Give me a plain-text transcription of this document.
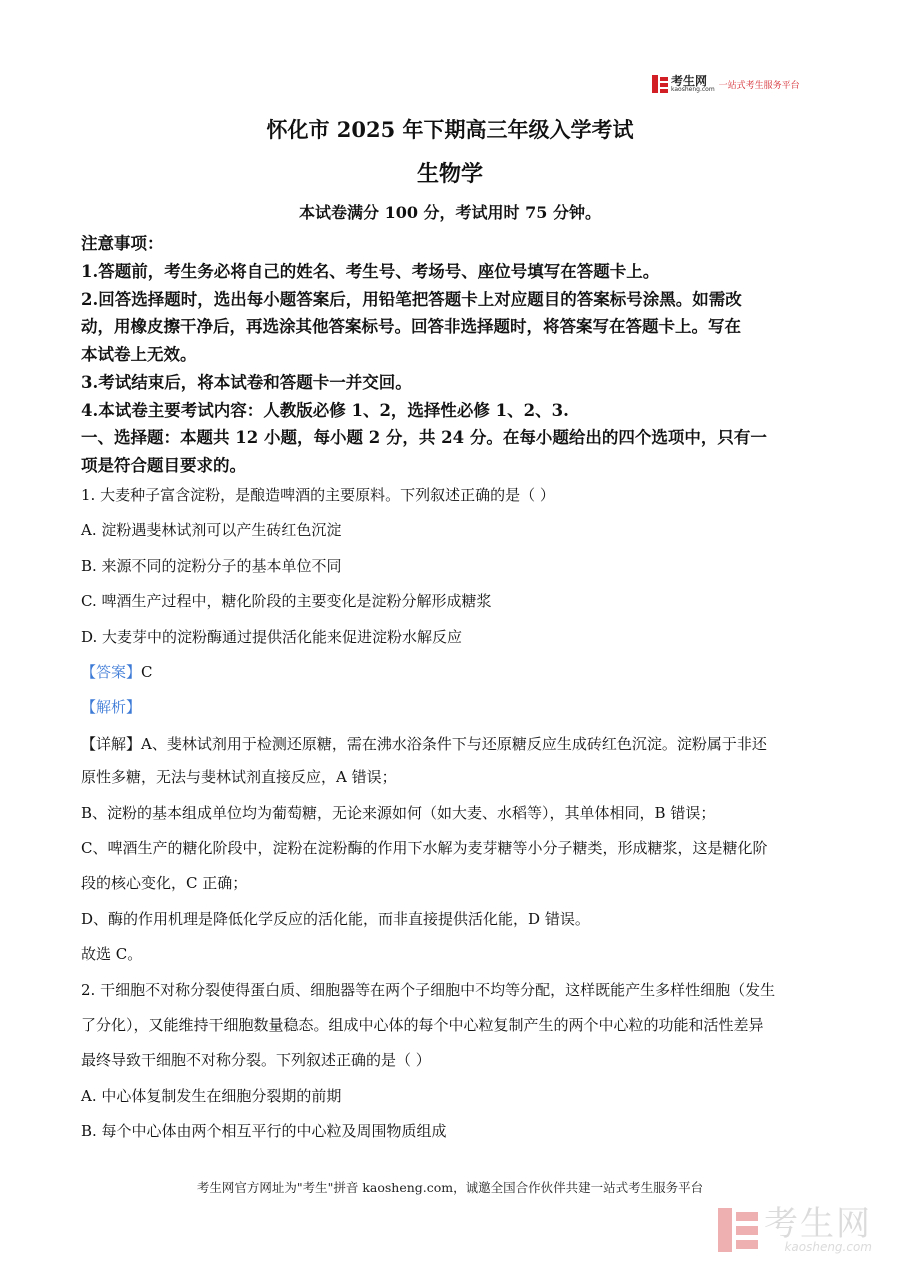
考生网
kaosheng.com 一站式考生服务平台
怀化市 2025 年下期高三年级入学考试
生物学
本试卷满分 100 分，考试用时 75 分钟。
注意事项：
1.答题前，考生务必将自己的姓名、考生号、考场号、座位号填写在答题卡上。
2.回答选择题时，选出每小题答案后，用铅笔把答题卡上对应题目的答案标号涂黑。如需改
动，用橡皮擦干净后，再选涂其他答案标号。回答非选择题时，将答案写在答题卡上。写在
本试卷上无效。
3.考试结束后，将本试卷和答题卡一并交回。
4.本试卷主要考试内容：人教版必修 1、2，选择性必修 1、2、3.
一、选择题：本题共 12 小题，每小题 2 分，共 24 分。在每小题给出的四个选项中，只有一
项是符合题目要求的。
1. 大麦种子富含淀粉，是酿造啤酒的主要原料。下列叙述正确的是（ ）
A. 淀粉遇斐林试剂可以产生砖红色沉淀
B. 来源不同的淀粉分子的基本单位不同
C. 啤酒生产过程中，糖化阶段的主要变化是淀粉分解形成糖浆
D. 大麦芽中的淀粉酶通过提供活化能来促进淀粉水解反应
【答案】C
【解析】
【详解】A、斐林试剂用于检测还原糖，需在沸水浴条件下与还原糖反应生成砖红色沉淀。淀粉属于非还
原性多糖，无法与斐林试剂直接反应，A 错误；
B、淀粉的基本组成单位均为葡萄糖，无论来源如何（如大麦、水稻等），其单体相同，B 错误；
C、啤酒生产的糖化阶段中，淀粉在淀粉酶的作用下水解为麦芽糖等小分子糖类，形成糖浆，这是糖化阶
段的核心变化，C 正确；
D、酶的作用机理是降低化学反应的活化能，而非直接提供活化能，D 错误。
故选 C。
2. 干细胞不对称分裂使得蛋白质、细胞器等在两个子细胞中不均等分配，这样既能产生多样性细胞（发生
了分化），又能维持干细胞数量稳态。组成中心体的每个中心粒复制产生的两个中心粒的功能和活性差异
最终导致干细胞不对称分裂。下列叙述正确的是（ ）
A. 中心体复制发生在细胞分裂期的前期
B. 每个中心体由两个相互平行的中心粒及周围物质组成
考生网官方网址为"考生"拼音 kaosheng.com，诚邀全国合作伙伴共建一站式考生服务平台
考生网
kaosheng.com
